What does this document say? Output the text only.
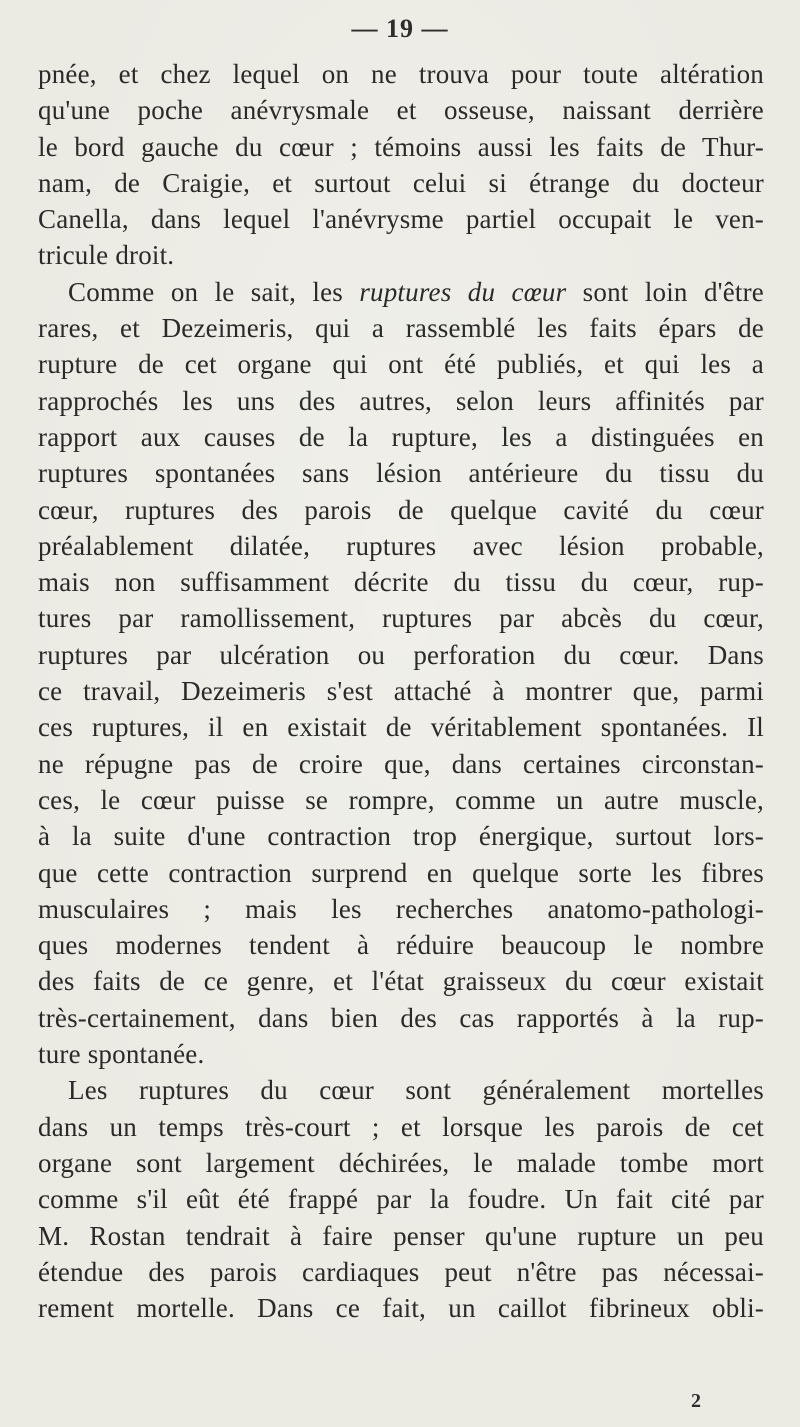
— 19 —
pnée, et chez lequel on ne trouva pour toute altération
qu'une poche anévrysmale et osseuse, naissant derrière
le bord gauche du cœur ; témoins aussi les faits de Thur-
nam, de Craigie, et surtout celui si étrange du docteur
Canella, dans lequel l'anévrysme partiel occupait le ven-
tricule droit.
Comme on le sait, les ruptures du cœur sont loin d'être
rares, et Dezeimeris, qui a rassemblé les faits épars de
rupture de cet organe qui ont été publiés, et qui les a
rapprochés les uns des autres, selon leurs affinités par
rapport aux causes de la rupture, les a distinguées en
ruptures spontanées sans lésion antérieure du tissu du
cœur, ruptures des parois de quelque cavité du cœur
préalablement dilatée, ruptures avec lésion probable,
mais non suffisamment décrite du tissu du cœur, rup-
tures par ramollissement, ruptures par abcès du cœur,
ruptures par ulcération ou perforation du cœur. Dans
ce travail, Dezeimeris s'est attaché à montrer que, parmi
ces ruptures, il en existait de véritablement spontanées. Il
ne répugne pas de croire que, dans certaines circonstan-
ces, le cœur puisse se rompre, comme un autre muscle,
à la suite d'une contraction trop énergique, surtout lors-
que cette contraction surprend en quelque sorte les fibres
musculaires ; mais les recherches anatomo-pathologi-
ques modernes tendent à réduire beaucoup le nombre
des faits de ce genre, et l'état graisseux du cœur existait
très-certainement, dans bien des cas rapportés à la rup-
ture spontanée.
Les ruptures du cœur sont généralement mortelles
dans un temps très-court ; et lorsque les parois de cet
organe sont largement déchirées, le malade tombe mort
comme s'il eût été frappé par la foudre. Un fait cité par
M. Rostan tendrait à faire penser qu'une rupture un peu
étendue des parois cardiaques peut n'être pas nécessai-
rement mortelle. Dans ce fait, un caillot fibrineux obli-
2
